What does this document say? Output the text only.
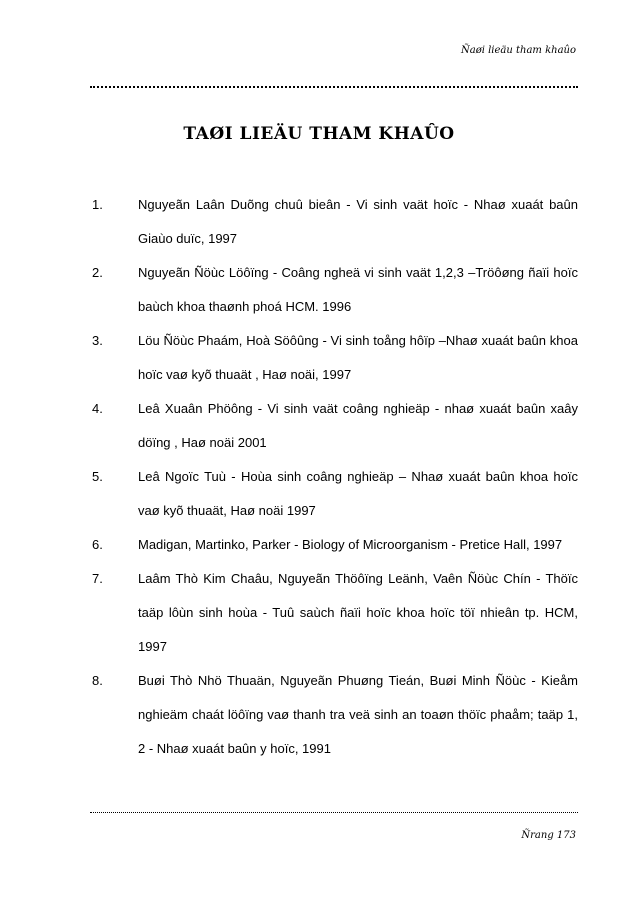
Ñaøi lieäu tham khaûo
TAØI LIEÄU THAM KHAÛO
1.	Nguyeãn Laân Duõng chuû bieân - Vi sinh vaät hoïc - Nhaø xuaát baûn Giaùo duïc, 1997
2.	Nguyeãn Ñöùc Löôïng - Coâng ngheä vi sinh vaät 1,2,3 –Tröôøng ñaïi hoïc baùch khoa thaønh phoá HCM. 1996
3.	Löu Ñöùc Phaám, Hoà Söôûng - Vi sinh toång hôïp –Nhaø xuaát baûn khoa hoïc vaø kyõ thuaät , Haø noäi, 1997
4.	Leâ Xuaân Phöông - Vi sinh vaät coâng nghieäp - nhaø xuaát baûn xaây döïng , Haø noäi 2001
5.	Leâ Ngoïc Tuù - Hoùa sinh coâng nghieäp – Nhaø xuaát baûn khoa hoïc vaø kyõ thuaät, Haø noäi 1997
6.	Madigan, Martinko, Parker - Biology of Microorganism - Pretice Hall, 1997
7.	Laâm Thò Kim Chaâu, Nguyeãn Thöôïng Leänh, Vaên Ñöùc Chín - Thöïc taäp lôùn sinh hoùa - Tuû saùch ñaïi hoïc khoa hoïc töï nhieân tp. HCM, 1997
8.	Buøi Thò Nhö Thuaän, Nguyeãn Phuøng Tieán, Buøi Minh Ñöùc - Kieåm nghieäm chaát löôïng vaø thanh tra veä sinh an toaøn thöïc phaåm; taäp 1, 2 - Nhaø xuaát baûn y hoïc, 1991
Ñrang 173
